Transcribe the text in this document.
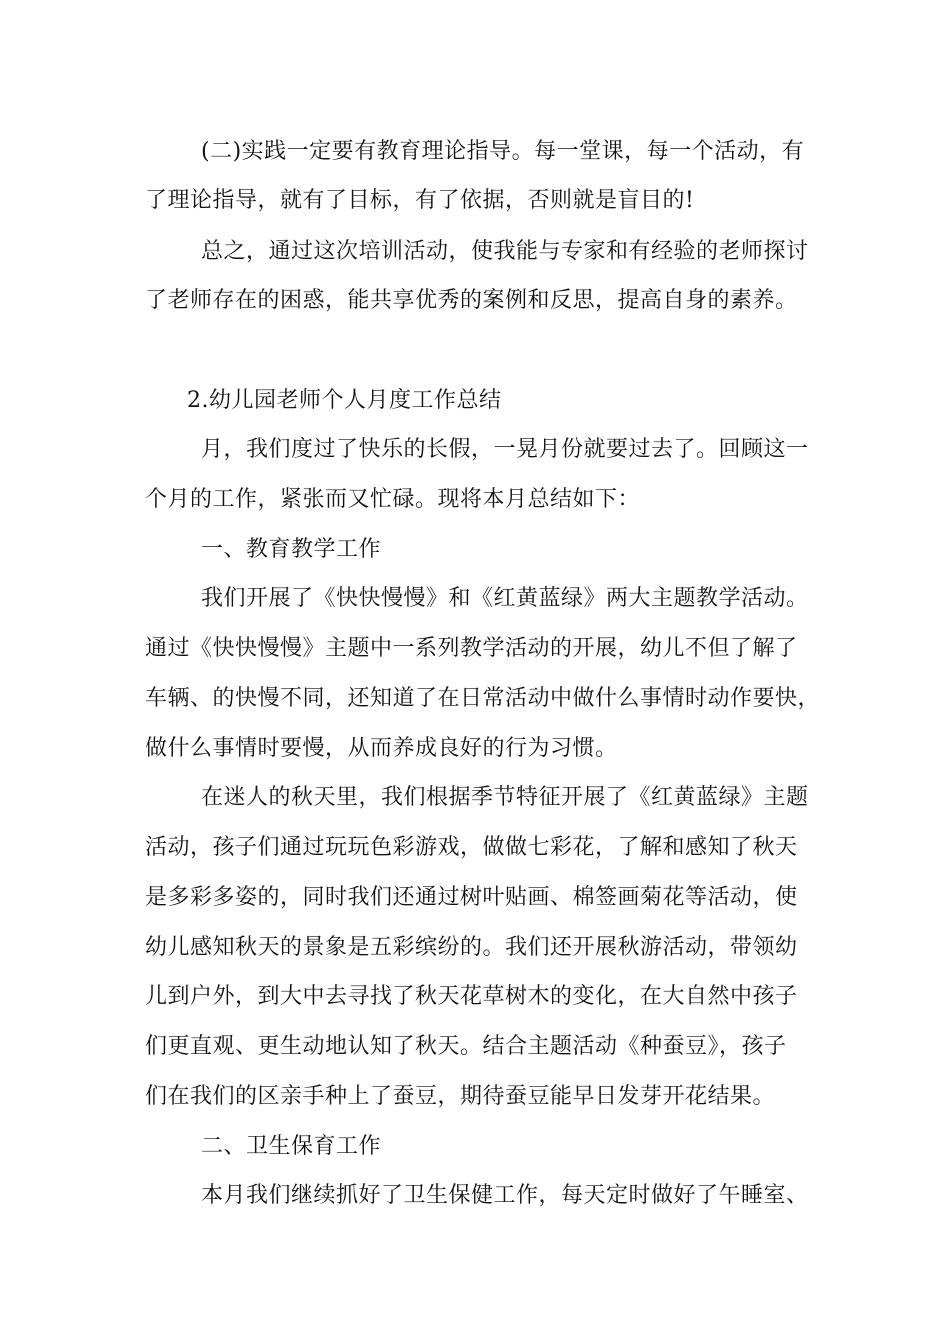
(二)实践一定要有教育理论指导。每一堂课，每一个活动，有
了理论指导，就有了目标，有了依据，否则就是盲目的!
总之，通过这次培训活动，使我能与专家和有经验的老师探讨
了老师存在的困惑，能共享优秀的案例和反思，提高自身的素养。
2.幼儿园老师个人月度工作总结
月，我们度过了快乐的长假，一晃月份就要过去了。回顾这一
个月的工作，紧张而又忙碌。现将本月总结如下：
一、教育教学工作
我们开展了《快快慢慢》和《红黄蓝绿》两大主题教学活动。
通过《快快慢慢》主题中一系列教学活动的开展，幼儿不但了解了
车辆、的快慢不同，还知道了在日常活动中做什么事情时动作要快，
做什么事情时要慢，从而养成良好的行为习惯。
在迷人的秋天里，我们根据季节特征开展了《红黄蓝绿》主题
活动，孩子们通过玩玩色彩游戏，做做七彩花，了解和感知了秋天
是多彩多姿的，同时我们还通过树叶贴画、棉签画菊花等活动，使
幼儿感知秋天的景象是五彩缤纷的。我们还开展秋游活动，带领幼
儿到户外，到大中去寻找了秋天花草树木的变化，在大自然中孩子
们更直观、更生动地认知了秋天。结合主题活动《种蚕豆》，孩子
们在我们的区亲手种上了蚕豆，期待蚕豆能早日发芽开花结果。
二、卫生保育工作
本月我们继续抓好了卫生保健工作，每天定时做好了午睡室、
